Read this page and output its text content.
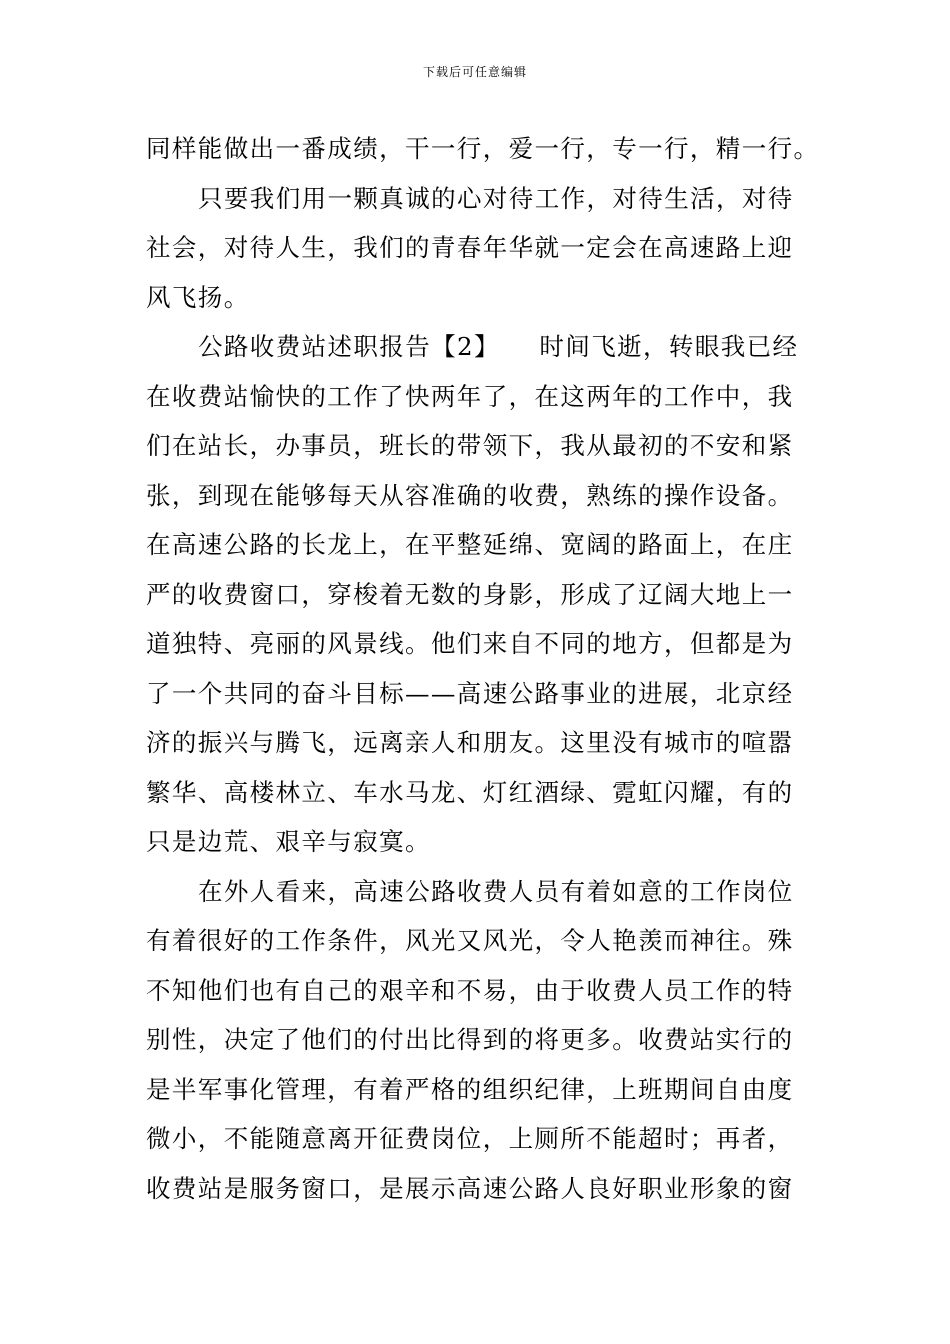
下载后可任意编辑
同样能做出一番成绩，干一行，爱一行，专一行，精一行。
只要我们用一颗真诚的心对待工作，对待生活，对待
社会，对待人生，我们的青春年华就一定会在高速路上迎
风飞扬。
公路收费站述职报告【2】　　时间飞逝，转眼我已经
在收费站愉快的工作了快两年了，在这两年的工作中，我
们在站长，办事员，班长的带领下，我从最初的不安和紧
张，到现在能够每天从容准确的收费，熟练的操作设备。
在高速公路的长龙上，在平整延绵、宽阔的路面上，在庄
严的收费窗口，穿梭着无数的身影，形成了辽阔大地上一
道独特、亮丽的风景线。他们来自不同的地方，但都是为
了一个共同的奋斗目标——高速公路事业的进展，北京经
济的振兴与腾飞，远离亲人和朋友。这里没有城市的喧嚣
繁华、高楼林立、车水马龙、灯红酒绿、霓虹闪耀，有的
只是边荒、艰辛与寂寞。
在外人看来，高速公路收费人员有着如意的工作岗位
有着很好的工作条件，风光又风光，令人艳羡而神往。殊
不知他们也有自己的艰辛和不易，由于收费人员工作的特
别性，决定了他们的付出比得到的将更多。收费站实行的
是半军事化管理，有着严格的组织纪律，上班期间自由度
微小，不能随意离开征费岗位，上厕所不能超时；再者，
收费站是服务窗口，是展示高速公路人良好职业形象的窗
